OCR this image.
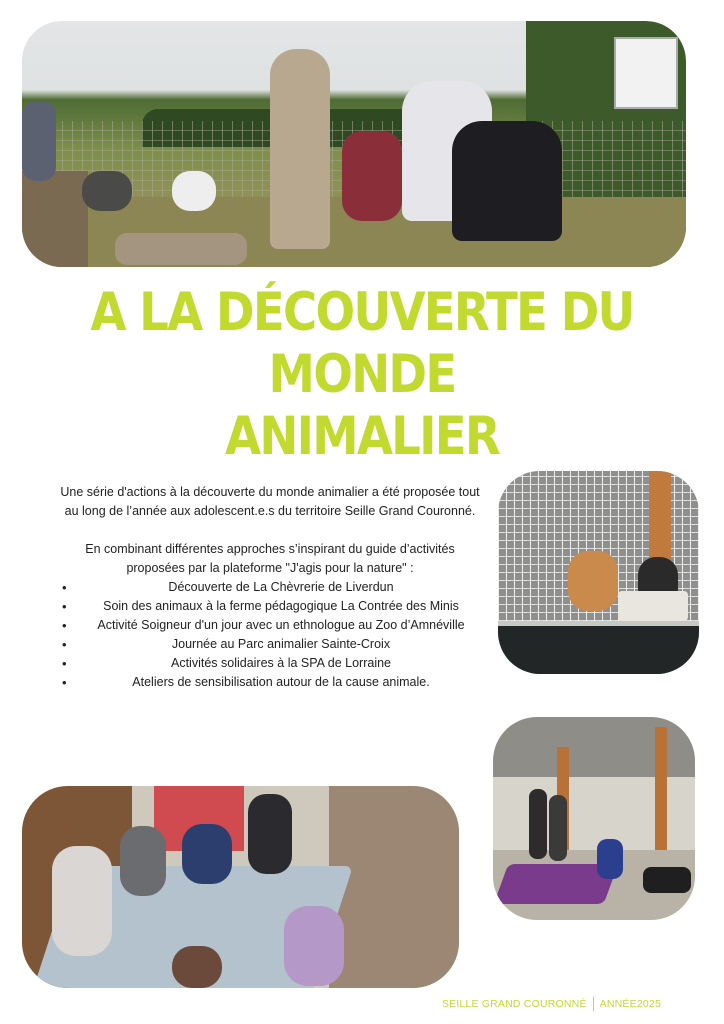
A LA DÉCOUVERTE DU MONDE
ANIMALIER

Une série d'actions à la découverte du monde animalier a été proposée tout au long de l’année aux adolescent.e.s du territoire Seille Grand Couronné.

En combinant différentes approches s’inspirant du guide d’activités proposées par la plateforme "J'agis pour la nature" :

• Découverte de La Chèvrerie de Liverdun
• Soin des animaux à la ferme pédagogique La Contrée des Minis
• Activité Soigneur d'un jour avec un ethnologue au Zoo d’Amnéville
• Journée au Parc animalier Sainte-Croix
• Activités solidaires à la SPA de Lorraine
• Ateliers de sensibilisation autour de la cause animale.
SEILLE GRAND COURONNÉ ANNÉE2025
